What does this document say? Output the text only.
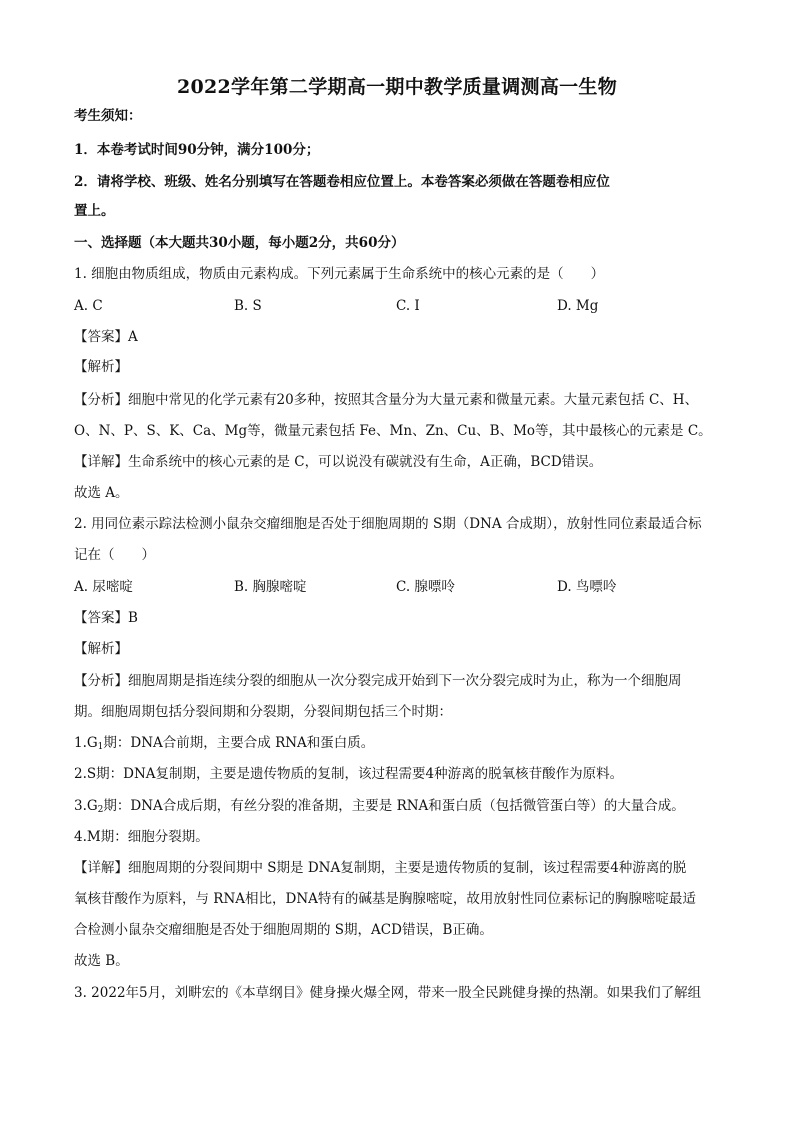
2022学年第二学期高一期中教学质量调测高一生物
考生须知：
1．本卷考试时间90分钟，满分100分；
2．请将学校、班级、姓名分别填写在答题卷相应位置上。本卷答案必须做在答题卷相应位
置上。
一、选择题（本大题共30小题，每小题2分，共60分）
1. 细胞由物质组成，物质由元素构成。下列元素属于生命系统中的核心元素的是（　　）
A. C	B. S	C. I	D. Mg
【答案】A
【解析】
【分析】细胞中常见的化学元素有20多种，按照其含量分为大量元素和微量元素。大量元素包括 C、H、
O、N、P、S、K、Ca、Mg等，微量元素包括 Fe、Mn、Zn、Cu、B、Mo等，其中最核心的元素是 C。
【详解】生命系统中的核心元素的是 C，可以说没有碳就没有生命，A正确，BCD错误。
故选 A。
2. 用同位素示踪法检测小鼠杂交瘤细胞是否处于细胞周期的 S期（DNA 合成期），放射性同位素最适合标
记在（　　）
A. 尿嘧啶	B. 胸腺嘧啶	C. 腺嘌呤	D. 鸟嘌呤
【答案】B
【解析】
【分析】细胞周期是指连续分裂的细胞从一次分裂完成开始到下一次分裂完成时为止，称为一个细胞周
期。细胞周期包括分裂间期和分裂期，分裂间期包括三个时期：
$1.G_1$期：DNA合前期，主要合成 RNA和蛋白质。
2.S期：DNA复制期，主要是遗传物质的复制，该过程需要4种游离的脱氧核苷酸作为原料。
$3.G_2$期：DNA合成后期，有丝分裂的准备期，主要是 RNA和蛋白质（包括微管蛋白等）的大量合成。
4.M期：细胞分裂期。
【详解】细胞周期的分裂间期中 S期是 DNA复制期，主要是遗传物质的复制，该过程需要4种游离的脱
氧核苷酸作为原料，与 RNA相比，DNA特有的碱基是胸腺嘧啶，故用放射性同位素标记的胸腺嘧啶最适
合检测小鼠杂交瘤细胞是否处于细胞周期的 S期，ACD错误，B正确。
故选 B。
3. 2022年5月，刘畊宏的《本草纲目》健身操火爆全网，带来一股全民跳健身操的热潮。如果我们了解组
